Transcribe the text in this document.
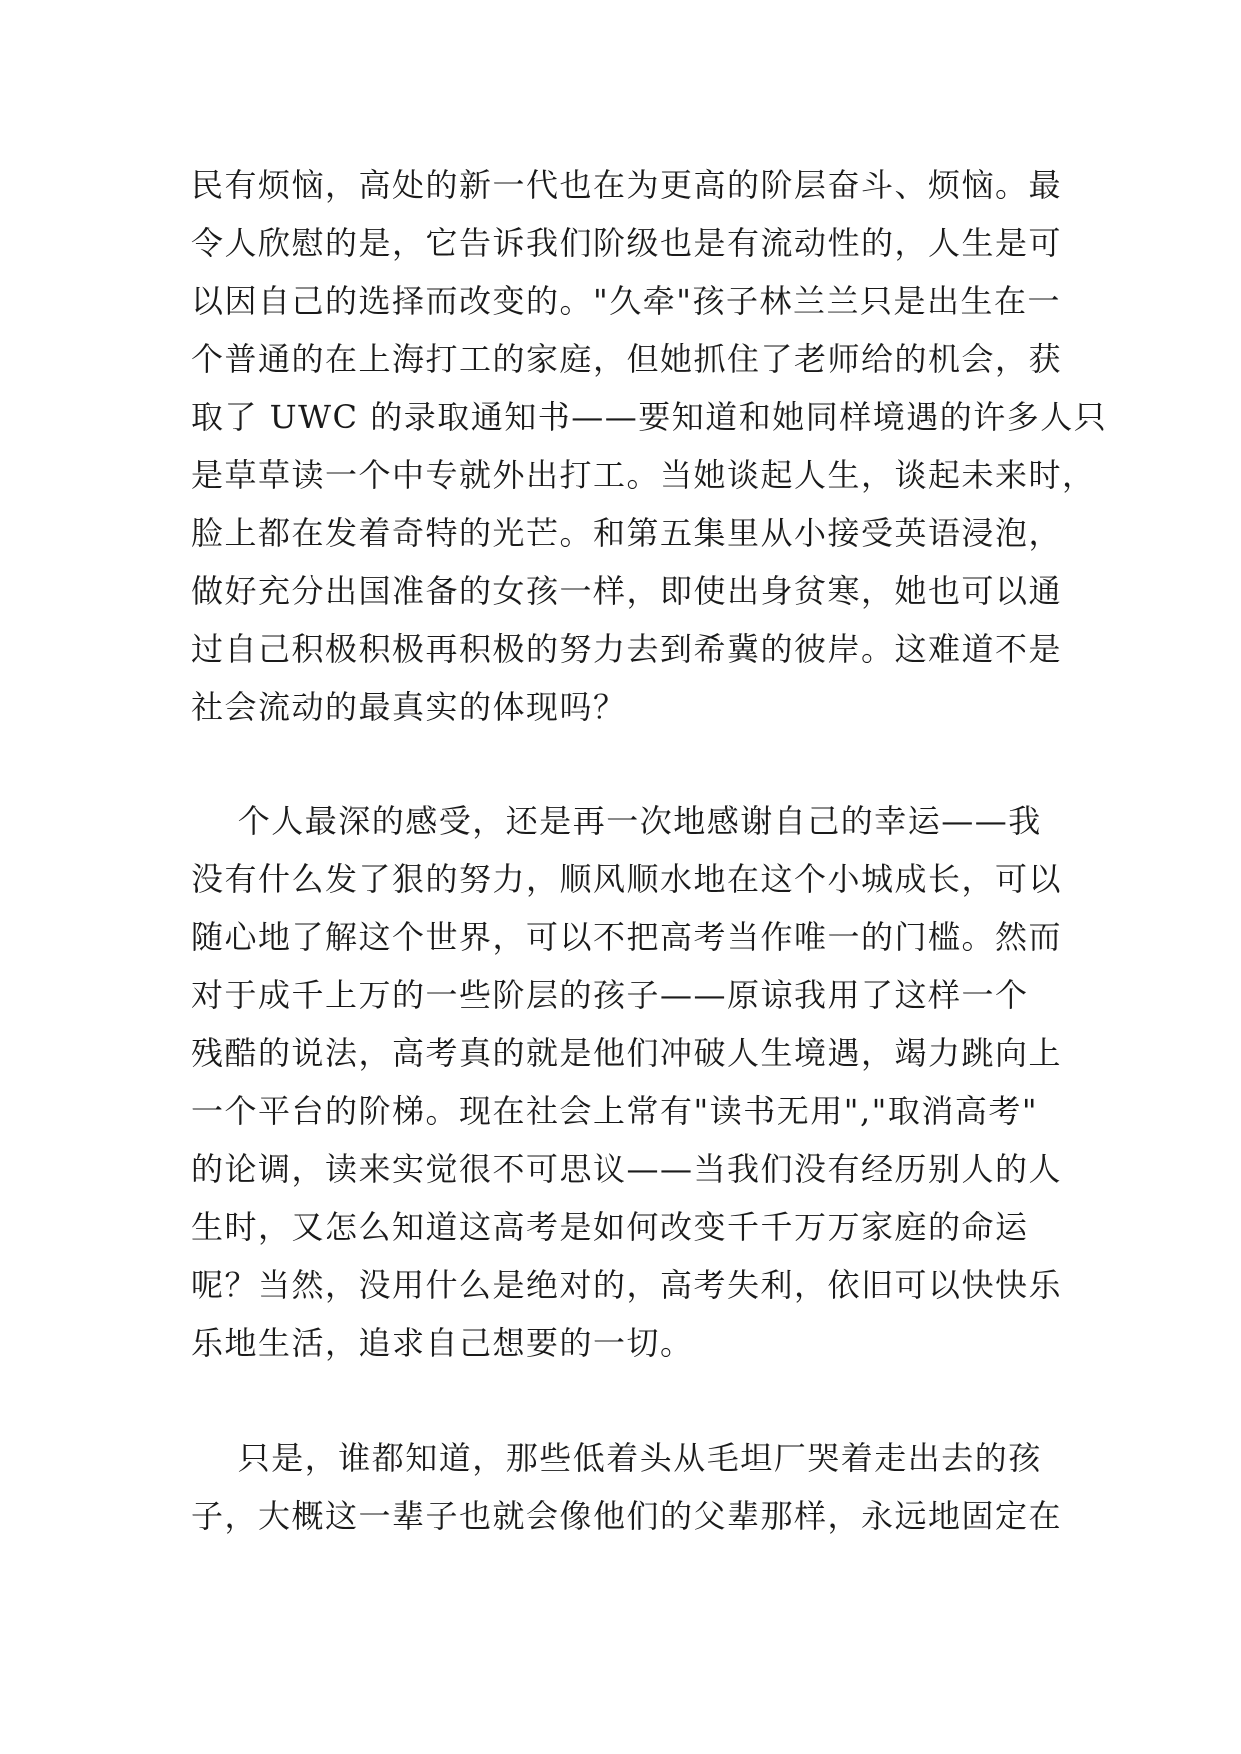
民有烦恼，高处的新一代也在为更高的阶层奋斗、烦恼。最
令人欣慰的是，它告诉我们阶级也是有流动性的，人生是可
以因自己的选择而改变的。"久牵"孩子林兰兰只是出生在一
个普通的在上海打工的家庭，但她抓住了老师给的机会，获
取了 UWC 的录取通知书——要知道和她同样境遇的许多人只
是草草读一个中专就外出打工。当她谈起人生，谈起未来时，
脸上都在发着奇特的光芒。和第五集里从小接受英语浸泡，
做好充分出国准备的女孩一样，即使出身贫寒，她也可以通
过自己积极积极再积极的努力去到希冀的彼岸。这难道不是
社会流动的最真实的体现吗？
个人最深的感受，还是再一次地感谢自己的幸运——我
没有什么发了狠的努力，顺风顺水地在这个小城成长，可以
随心地了解这个世界，可以不把高考当作唯一的门槛。然而
对于成千上万的一些阶层的孩子——原谅我用了这样一个
残酷的说法，高考真的就是他们冲破人生境遇，竭力跳向上
一个平台的阶梯。现在社会上常有"读书无用","取消高考"
的论调，读来实觉很不可思议——当我们没有经历别人的人
生时，又怎么知道这高考是如何改变千千万万家庭的命运
呢？当然，没用什么是绝对的，高考失利，依旧可以快快乐
乐地生活，追求自己想要的一切。
只是，谁都知道，那些低着头从毛坦厂哭着走出去的孩
子，大概这一辈子也就会像他们的父辈那样，永远地固定在
